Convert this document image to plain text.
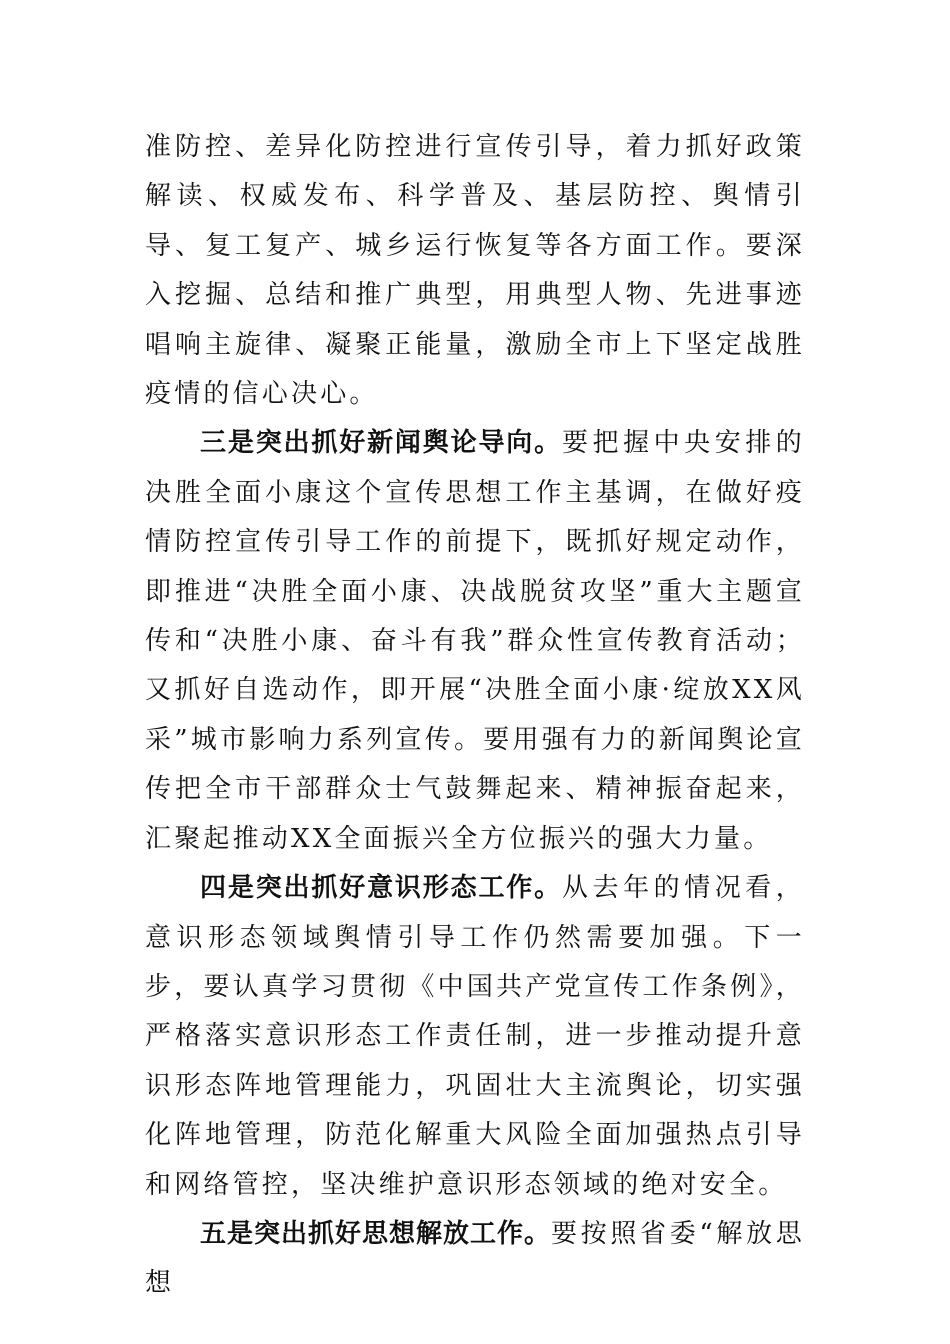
准防控、差异化防控进行宣传引导，着力抓好政策解读、权威发布、科学普及、基层防控、舆情引导、复工复产、城乡运行恢复等各方面工作。要深入挖掘、总结和推广典型，用典型人物、先进事迹唱响主旋律、凝聚正能量，激励全市上下坚定战胜疫情的信心决心。

三是突出抓好新闻舆论导向。要把握中央安排的决胜全面小康这个宣传思想工作主基调，在做好疫情防控宣传引导工作的前提下，既抓好规定动作，即推进“决胜全面小康、决战脱贫攻坚”重大主题宣传和“决胜小康、奋斗有我”群众性宣传教育活动；又抓好自选动作，即开展“决胜全面小康·绽放XX风采”城市影响力系列宣传。要用强有力的新闻舆论宣传把全市干部群众士气鼓舞起来、精神振奋起来，汇聚起推动XX全面振兴全方位振兴的强大力量。

四是突出抓好意识形态工作。从去年的情况看，意识形态领域舆情引导工作仍然需要加强。下一步，要认真学习贯彻《中国共产党宣传工作条例》，严格落实意识形态工作责任制，进一步推动提升意识形态阵地管理能力，巩固壮大主流舆论，切实强化阵地管理，防范化解重大风险全面加强热点引导和网络管控，坚决维护意识形态领域的绝对安全。

五是突出抓好思想解放工作。要按照省委“解放思想
